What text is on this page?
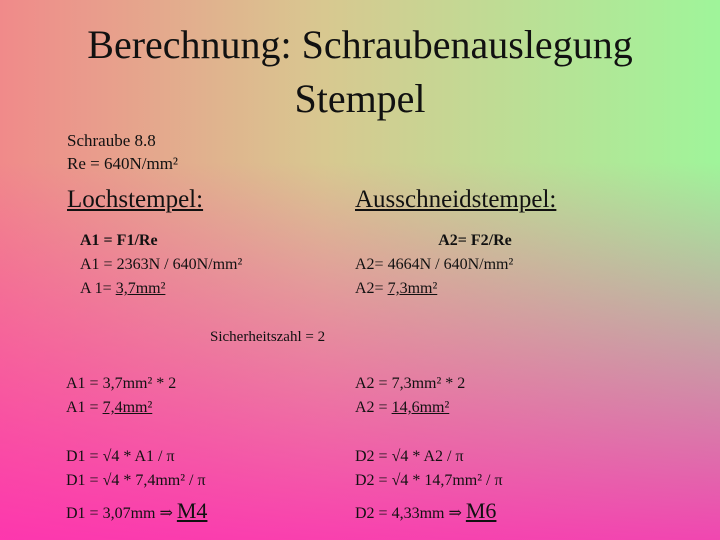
Berechnung: Schraubenauslegung
Stempel
Schraube 8.8
Re = 640N/mm²
Lochstempel:	Ausschneidstempel:
A1 = F1/Re
A1 = 2363N / 640N/mm²
A 1= 3,7mm²
A2= F2/Re
A2= 4664N / 640N/mm²
A2= 7,3mm²
Sicherheitszahl = 2
A1 = 3,7mm² * 2
A1 = 7,4mm²
A2 = 7,3mm² * 2
A2 = 14,6mm²
D1 = √4 * A1 / π
D1 = √4 * 7,4mm² / π
D1 = 3,07mm ⇒ M4
D2 = √4 * A2 / π
D2 = √4 * 14,7mm² / π
D2 = 4,33mm ⇒ M6
